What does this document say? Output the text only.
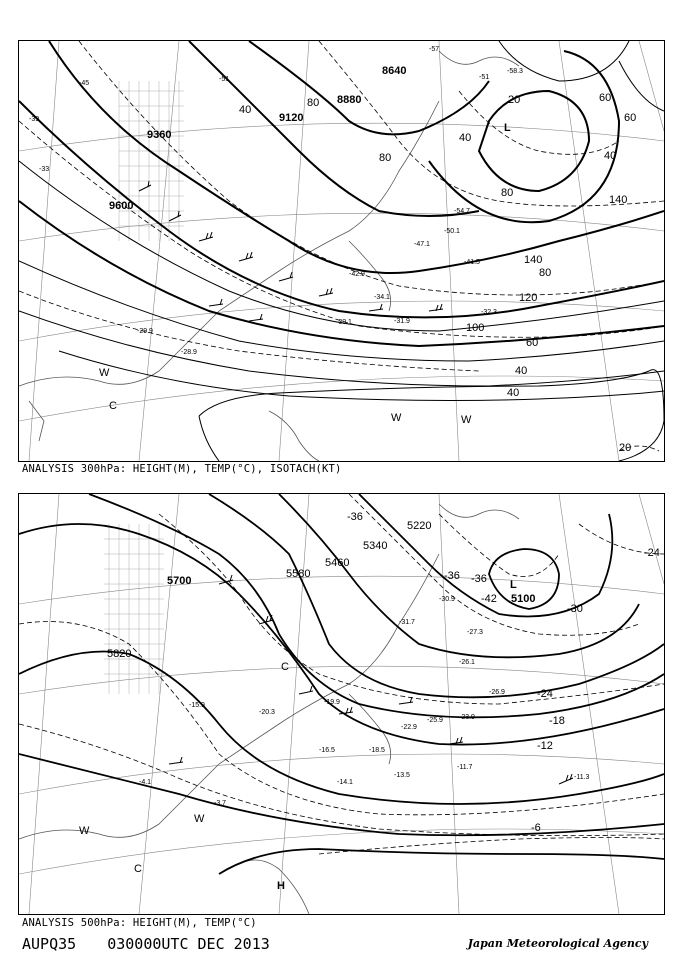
9360
9600
9120
8640
8880	20
40
60
60
80
120
100
140
140
60
40
40
20
80
80
40
40
80
-51
-45
-39
-33
-57
-51
-47.1
-42.9
-29.9
-28.9
-34.1
-31.9
-30.1
-50.1
-41.5
-54.7
-58.3
-32.3
L
C
W
W	W
ANALYSIS 300hPa: HEIGHT(M), TEMP(°C), ISOTACH(KT)
5700
5820
5580
5460
5340
5220
5100
-36
-36
-24
-30
-24
-18
-12
-6
-42
-36
-26.1
-25.9
-19.9
-16.5	-18.5
-13.5
-11.7
-11.3
-4.1
-3.7
-15.9
-26.9
-23.9
-30.9
-31.7
-27.3
-22.9
-20.3
-14.1
L
H
C
C
W
W
ANALYSIS 500hPa: HEIGHT(M), TEMP(°C)
AUPQ35 030000UTC DEC 2013	Japan Meteorological Agency
